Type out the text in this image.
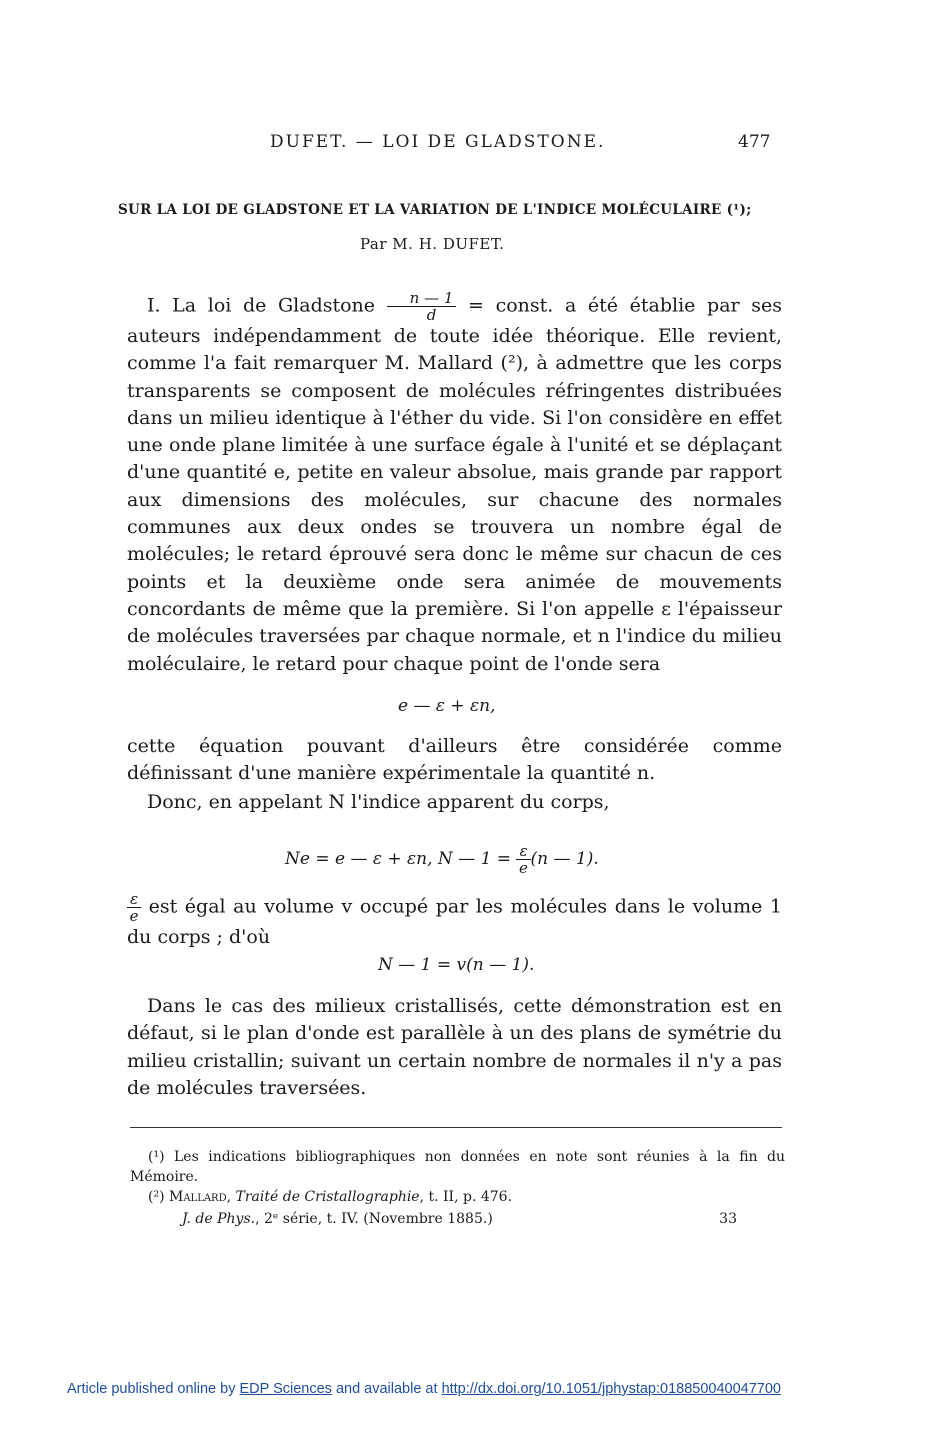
DUFET. — LOI DE GLADSTONE.	477
SUR LA LOI DE GLADSTONE ET LA VARIATION DE L'INDICE MOLÉCULAIRE (¹);
Par M. H. DUFET.
I. La loi de Gladstone $\frac{n — 1}{d}$ = const. a été établie par ses auteurs indépendamment de toute idée théorique. Elle revient, comme l'a fait remarquer M. Mallard (²), à admettre que les corps transparents se composent de molécules réfringentes distribuées dans un milieu identique à l'éther du vide. Si l'on considère en effet une onde plane limitée à une surface égale à l'unité et se déplaçant d'une quantité e, petite en valeur absolue, mais grande par rapport aux dimensions des molécules, sur chacune des normales communes aux deux ondes se trouvera un nombre égal de molécules; le retard éprouvé sera donc le même sur chacun de ces points et la deuxième onde sera animée de mouvements concordants de même que la première. Si l'on appelle ε l'épaisseur de molécules traversées par chaque normale, et n l'indice du milieu moléculaire, le retard pour chaque point de l'onde sera
e — ε + εn,
cette équation pouvant d'ailleurs être considérée comme définissant d'une manière expérimentale la quantité n.
Donc, en appelant N l'indice apparent du corps,
Ne = e — ε + εn, N — $1 = \frac{\varepsilon}{e} (n$ — 1).
$\frac{\varepsilon}{e}$ est égal au volume v occupé par les molécules dans le volume 1 du corps ; d'où
N — 1 = v(n — 1).
Dans le cas des milieux cristallisés, cette démonstration est en défaut, si le plan d'onde est parallèle à un des plans de symétrie du milieu cristallin; suivant un certain nombre de normales il n'y a pas de molécules traversées.

(¹) Les indications bibliographiques non données en note sont réunies à la fin du Mémoire.

(²) Mallard, Traité de Cristallographie, t. II, p. 476.

J. de Phys., 2ᵉ série, t. IV. (Novembre 1885.)	33

Article published online by EDP Sciences and available at http://dx.doi.org/10.1051/jphystap:018850040047700
